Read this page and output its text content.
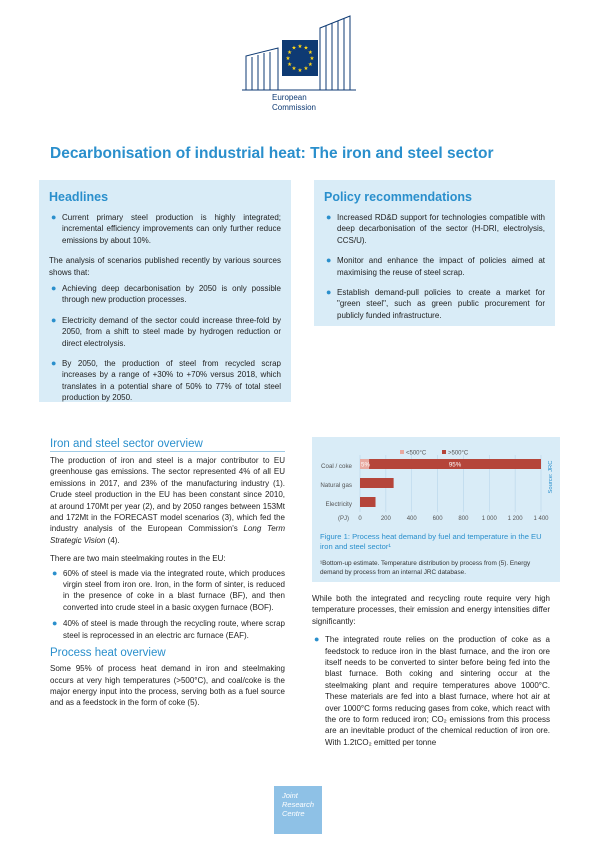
★ ★
★
★
★
★
★
★
★
★
★
★
European
Commission
Decarbonisation of industrial heat: The iron and steel sector
Headlines
● Current primary steel production is highly integrated; incremental efficiency improvements can only further reduce emissions by about 10%.

The analysis of scenarios published recently by various sources shows that:

● Achieving deep decarbonisation by 2050 is only possible through new production processes.
● Electricity demand of the sector could increase three-fold by 2050, from a shift to steel made by hydrogen reduction or direct electrolysis.
● By 2050, the production of steel from recycled scrap increases by a range of +30% to +70% versus 2018, which translates in a potential share of 50% to 77% of total steel production by 2050.
Policy recommendations
● Increased RD&D support for technologies compatible with deep decarbonisation of the sector (H-DRI, electrolysis, CCS/U).
● Monitor and enhance the impact of policies aimed at maximising the reuse of steel scrap.
● Establish demand-pull policies to create a market for "green steel", such as green public procurement for publicly funded infrastructure.
Iron and steel sector overview

The production of iron and steel is a major contributor to EU greenhouse gas emissions. The sector represented 4% of all EU emissions in 2017, and 23% of the manufacturing industry (1). Crude steel production in the EU has been constant since 2010, at around 170Mt per year (2), and by 2050 ranges between 153Mt and 172Mt in the FORECAST model scenarios (3), which fed the industry analysis of the European Commission's Long Term Strategic Vision (4).

There are two main steelmaking routes in the EU:

● 60% of steel is made via the integrated route, which produces virgin steel from iron ore. Iron, in the form of sinter, is reduced in the presence of coke in a blast furnace (BF), and then converted into crude steel in a basic oxygen furnace (BOF).
● 40% of steel is made through the recycling route, where scrap steel is reprocessed in an electric arc furnace (EAF).
Process heat overview

Some 95% of process heat demand in iron and steelmaking occurs at very high temperatures (>500°C), and coal/coke is the major energy input into the process, serving both as a fuel source and as a feedstock in the form of coke (5).

0	200	400	600	800 1 000 1 200 1 400
(PJ)
<500°C	>500°C
Coal / coke
Natural gas
Electricity
5%	95%	Source: JRC
Figure 1: Process heat demand by fuel and temperature in the EU iron and steel sector¹
¹Bottom-up estimate. Temperature distribution by process from (5). Energy demand by process from an internal JRC database.

While both the integrated and recycling route require very high temperature processes, their emission and energy intensities differ significantly:

● The integrated route relies on the production of coke as a feedstock to reduce iron in the blast furnace, and the iron ore itself needs to be converted to sinter before being fed into the blast furnace. Both coking and sintering occur at the steelmaking plant and require temperatures above 1000°C. These materials are fed into a blast furnace, where hot air at over 1000°C forms reducing gases from coke, which react with the ore to form reduced iron; CO₂ emissions from this process are an inevitable product of the chemical reduction of iron ore. With 1.2tCO₂ emitted per tonne
Joint
Research
Centre
